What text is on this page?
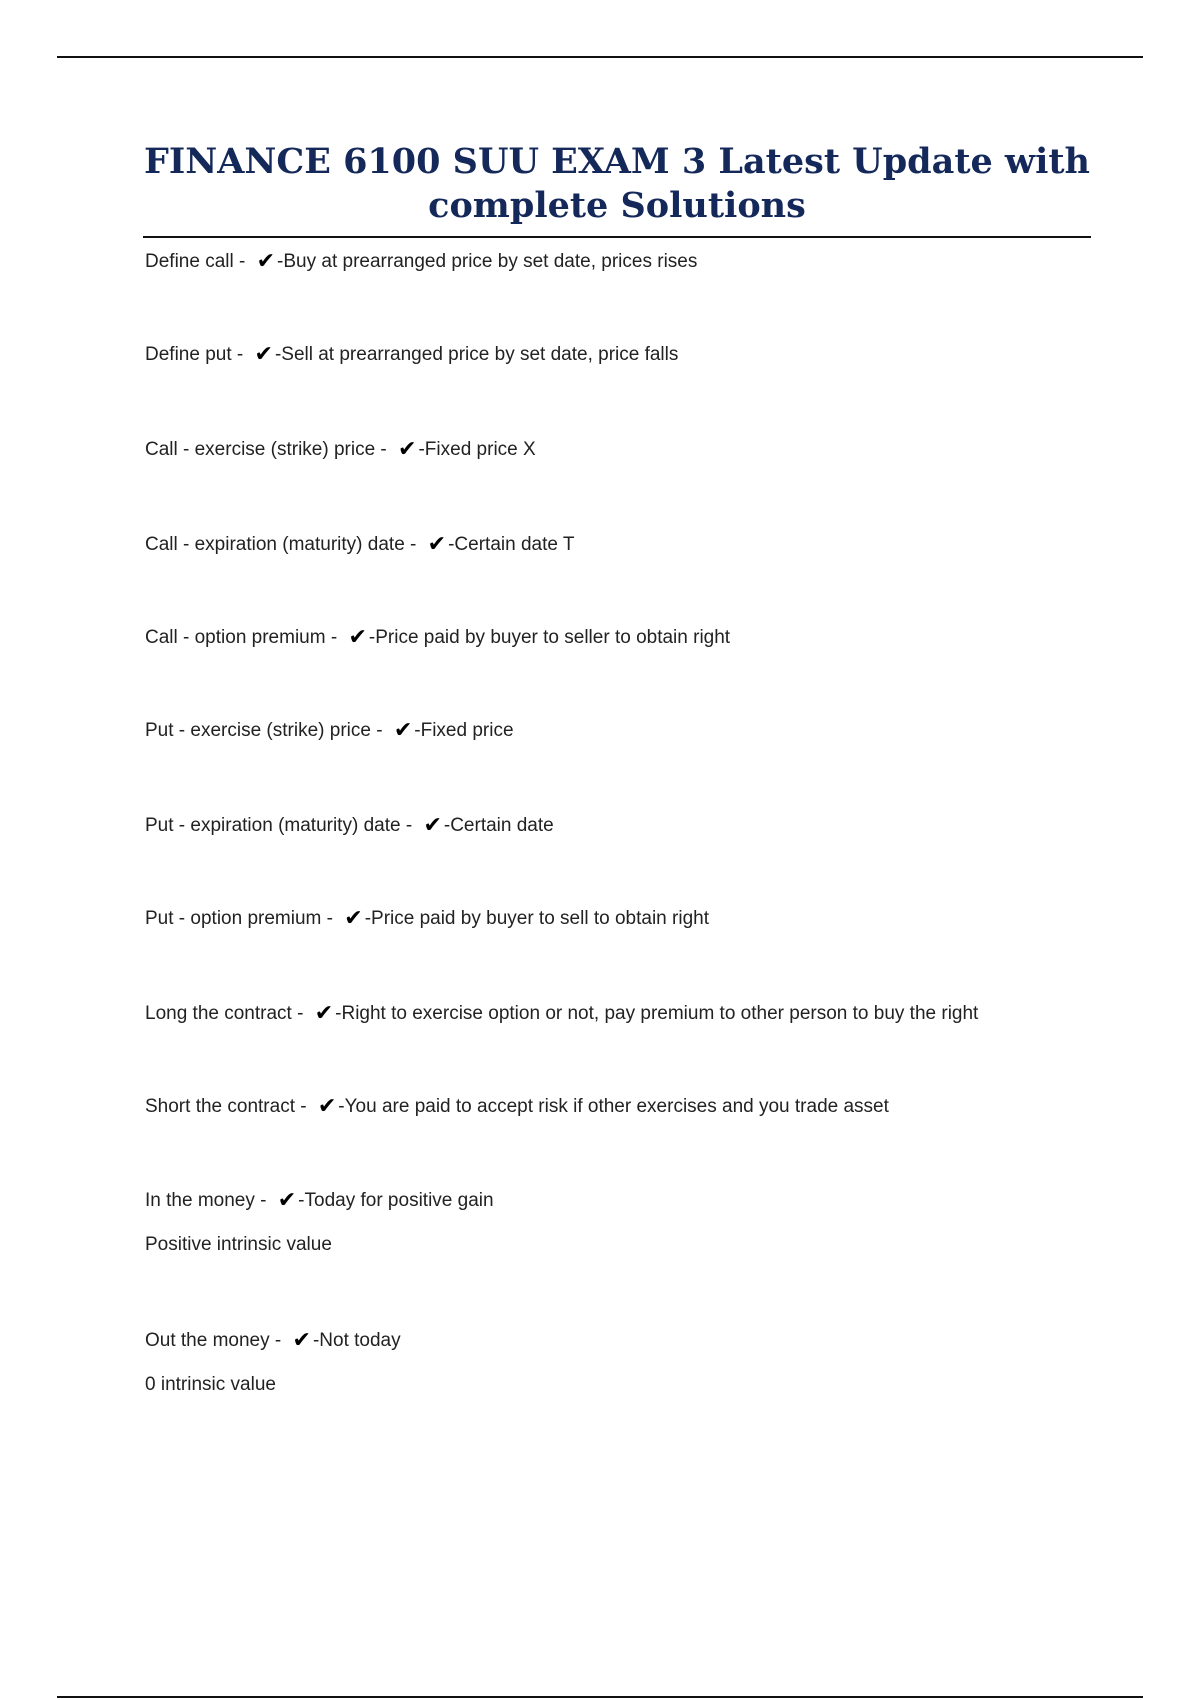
FINANCE 6100 SUU EXAM 3 Latest Update with complete Solutions
Define call - ✔ -Buy at prearranged price by set date, prices rises
Define put - ✔ -Sell at prearranged price by set date, price falls
Call - exercise (strike) price - ✔ -Fixed price X
Call - expiration (maturity) date - ✔ -Certain date T
Call - option premium - ✔ -Price paid by buyer to seller to obtain right
Put - exercise (strike) price - ✔ -Fixed price
Put - expiration (maturity) date - ✔ -Certain date
Put - option premium - ✔ -Price paid by buyer to sell to obtain right
Long the contract - ✔ -Right to exercise option or not, pay premium to other person to buy the right
Short the contract - ✔ -You are paid to accept risk if other exercises and you trade asset
In the money - ✔ -Today for positive gain
Positive intrinsic value
Out the money - ✔ -Not today
0 intrinsic value
